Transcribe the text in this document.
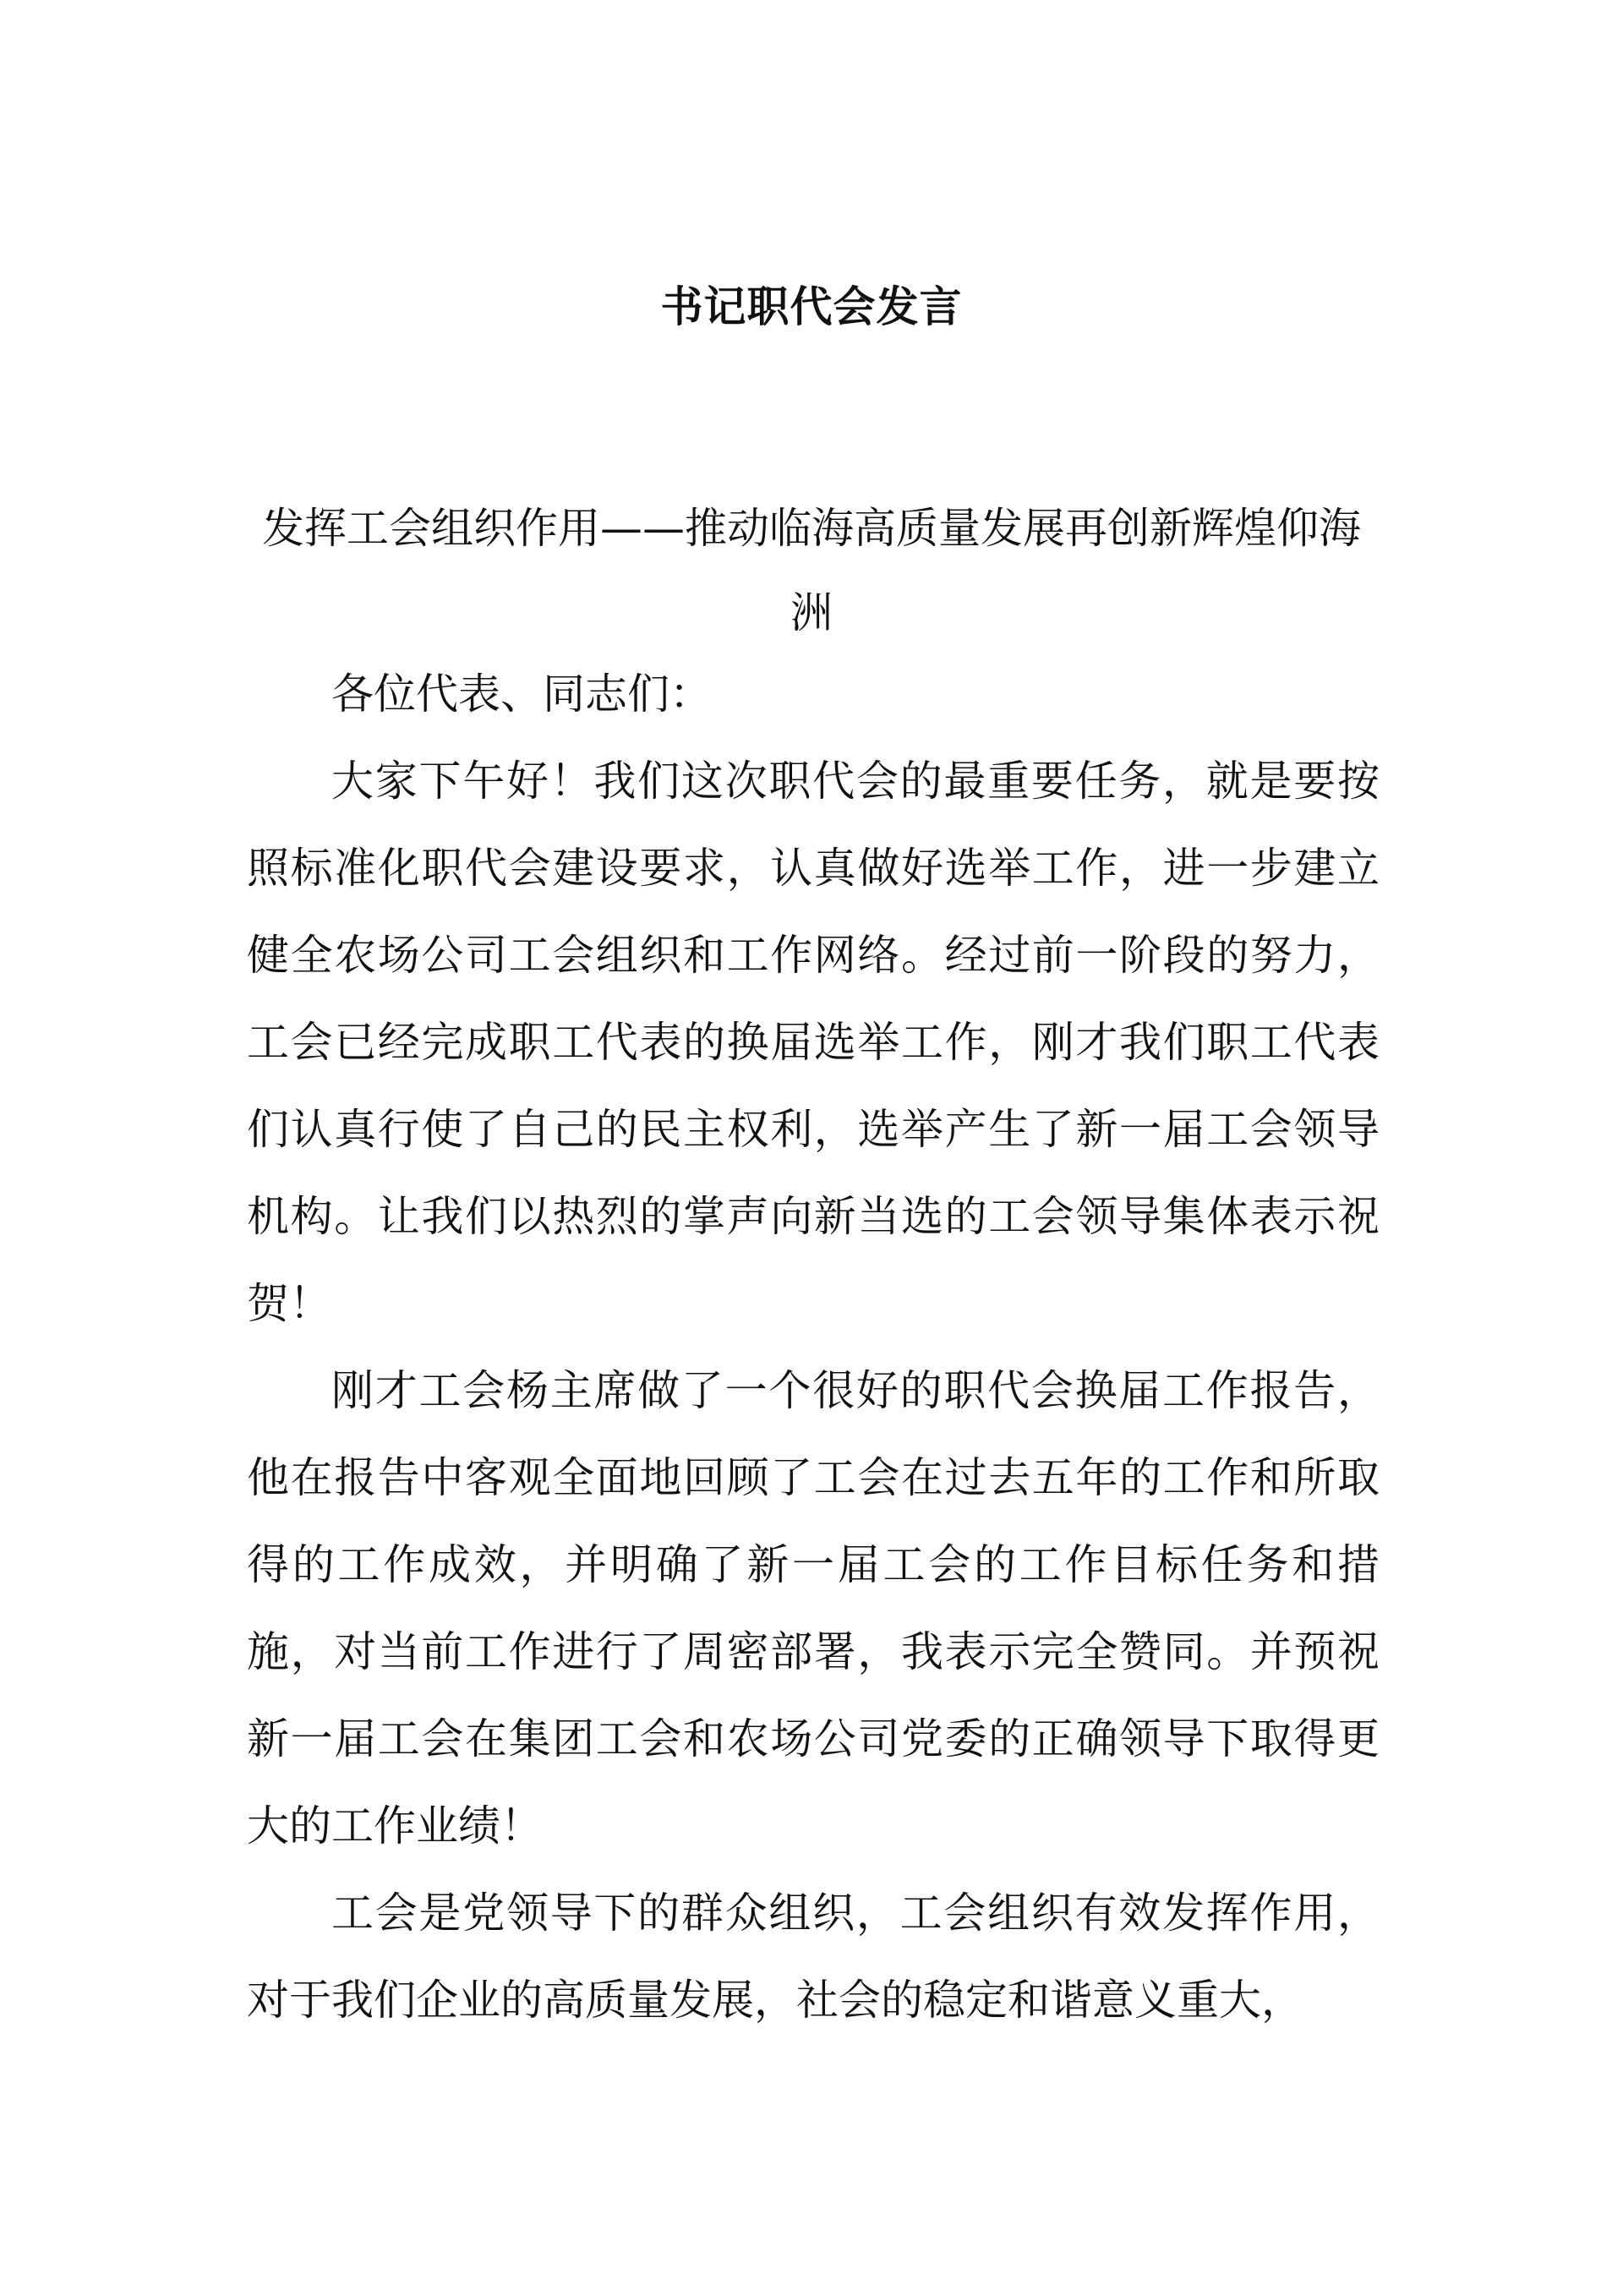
书记职代会发言
发挥工会组织作用——推动临海高质量发展再创新辉煌仰海洲

各位代表、同志们：

大家下午好！我们这次职代会的最重要任务，就是要按照标准化职代会建设要求，认真做好选举工作，进一步建立健全农场公司工会组织和工作网络。经过前一阶段的努力，工会已经完成职工代表的换届选举工作，刚才我们职工代表们认真行使了自己的民主权利，选举产生了新一届工会领导机构。让我们以热烈的掌声向新当选的工会领导集体表示祝贺！

刚才工会杨主席做了一个很好的职代会换届工作报告，他在报告中客观全面地回顾了工会在过去五年的工作和所取得的工作成效，并明确了新一届工会的工作目标任务和措施，对当前工作进行了周密部署，我表示完全赞同。并预祝新一届工会在集团工会和农场公司党委的正确领导下取得更大的工作业绩！

工会是党领导下的群众组织，工会组织有效发挥作用，对于我们企业的高质量发展，社会的稳定和谐意义重大，
